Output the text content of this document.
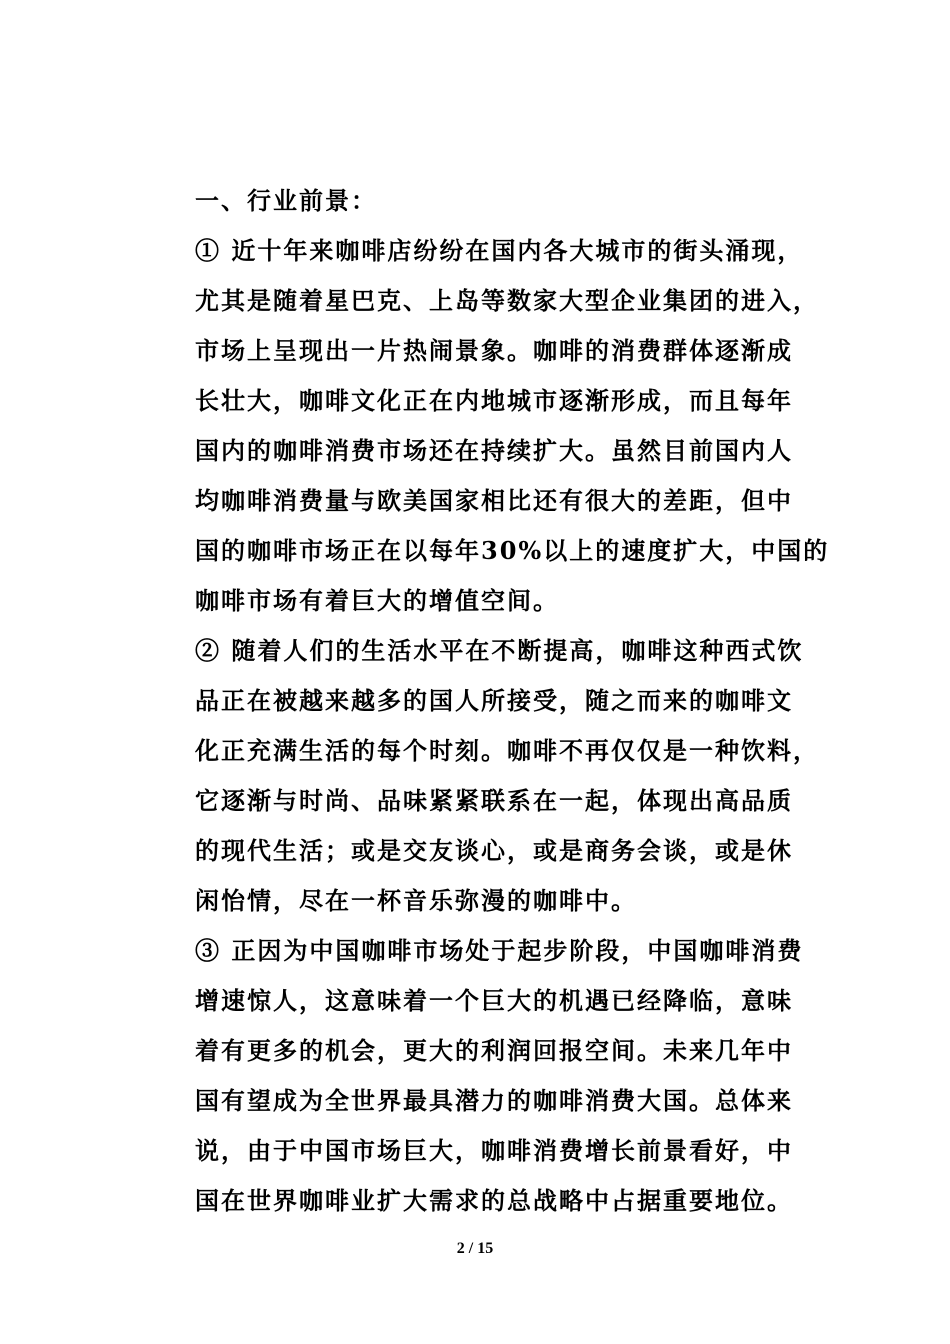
一、行业前景：
① 近十年来咖啡店纷纷在国内各大城市的街头涌现，
尤其是随着星巴克、上岛等数家大型企业集团的进入，
市场上呈现出一片热闹景象。咖啡的消费群体逐渐成
长壮大，咖啡文化正在内地城市逐渐形成，而且每年
国内的咖啡消费市场还在持续扩大。虽然目前国内人
均咖啡消费量与欧美国家相比还有很大的差距，但中
国的咖啡市场正在以每年30%以上的速度扩大，中国的
咖啡市场有着巨大的增值空间。
② 随着人们的生活水平在不断提高，咖啡这种西式饮
品正在被越来越多的国人所接受，随之而来的咖啡文
化正充满生活的每个时刻。咖啡不再仅仅是一种饮料，
它逐渐与时尚、品味紧紧联系在一起，体现出高品质
的现代生活；或是交友谈心，或是商务会谈，或是休
闲怡情，尽在一杯音乐弥漫的咖啡中。
③ 正因为中国咖啡市场处于起步阶段，中国咖啡消费
增速惊人，这意味着一个巨大的机遇已经降临，意味
着有更多的机会，更大的利润回报空间。未来几年中
国有望成为全世界最具潜力的咖啡消费大国。总体来
说，由于中国市场巨大，咖啡消费增长前景看好，中
国在世界咖啡业扩大需求的总战略中占据重要地位。
2 / 15
